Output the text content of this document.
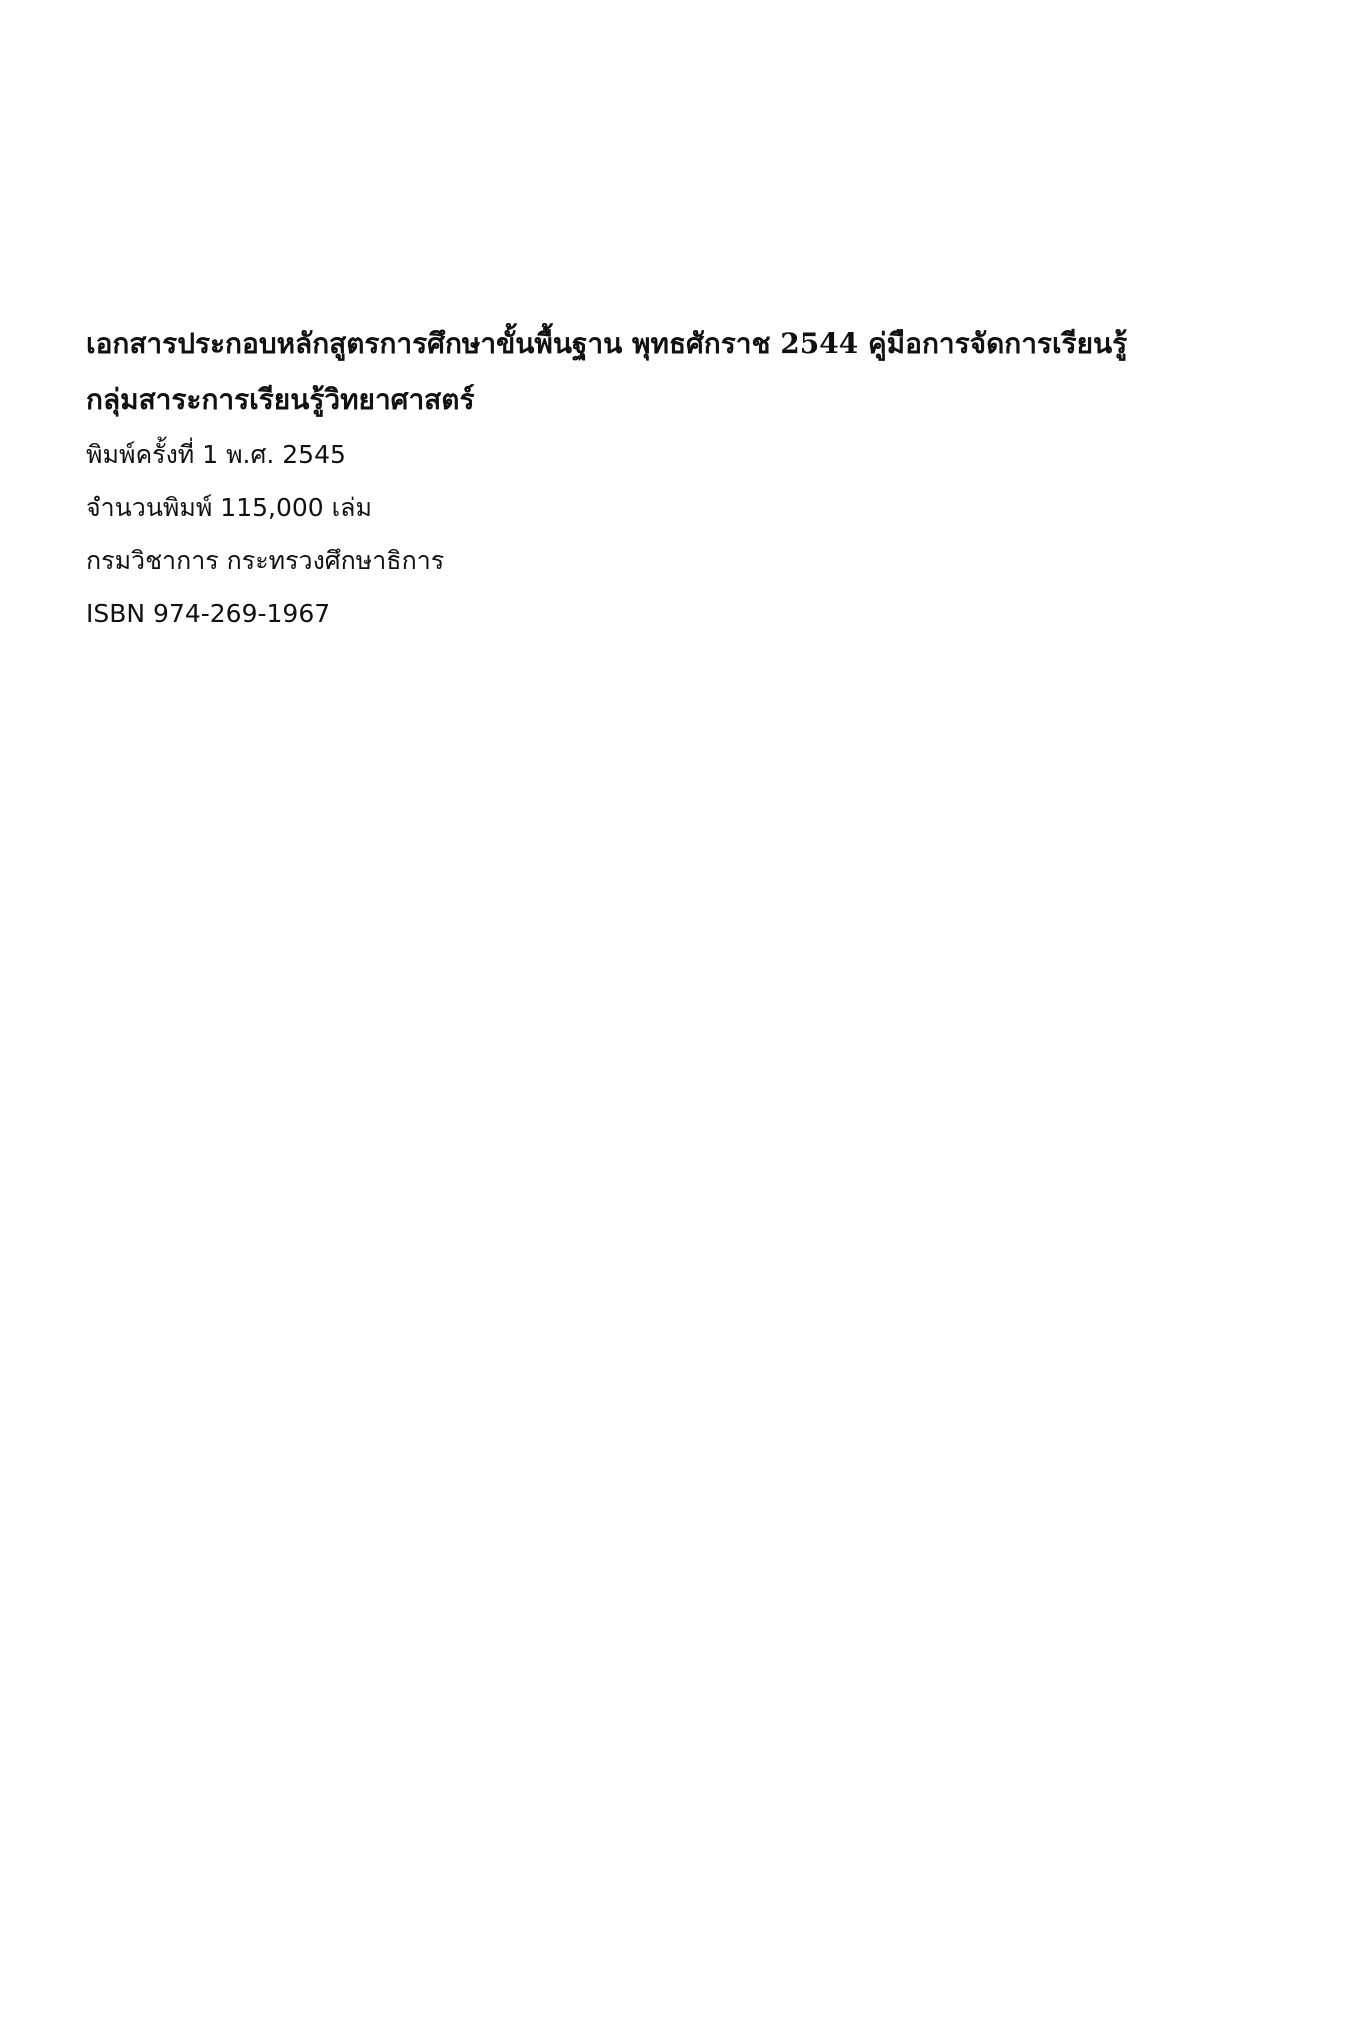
เอกสารประกอบหลักสูตรการศึกษาขั้นพื้นฐาน พุทธศักราช 2544 คู่มือการจัดการเรียนรู้
กลุ่มสาระการเรียนรู้วิทยาศาสตร์
พิมพ์ครั้งที่ 1 พ.ศ. 2545
จำนวนพิมพ์ 115,000 เล่ม
กรมวิชาการ กระทรวงศึกษาธิการ
ISBN 974-269-1967
